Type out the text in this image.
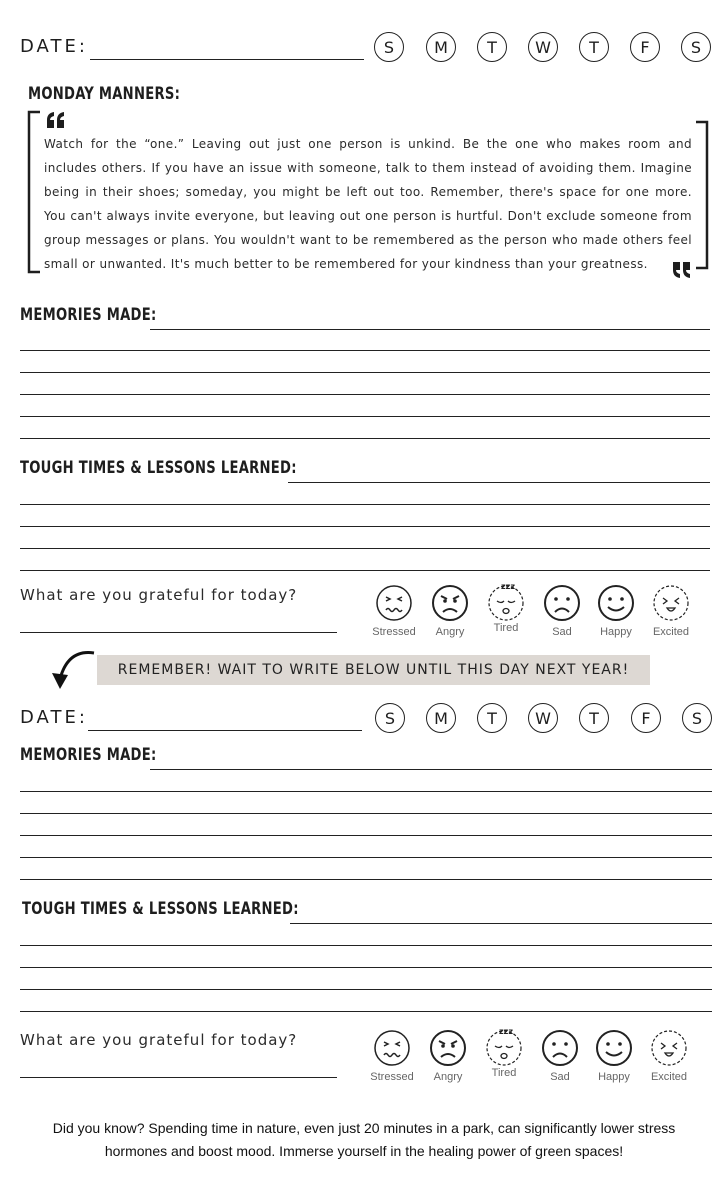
DATE:	S	M	T	W	T	F	S
MONDAY MANNERS:
Watch for the “one.” Leaving out just one person is unkind. Be the one who makes room and includes others. If you have an issue with someone, talk to them instead of avoiding them. Imagine being in their shoes; someday, you might be left out too. Remember, there's space for one more. You can't always invite everyone, but leaving out one person is hurtful. Don't exclude someone from group messages or plans. You wouldn't want to be remembered as the person who made others feel small or unwanted. It's much better to be remembered for your kindness than your greatness.
MEMORIES MADE:
TOUGH TIMES & LESSONS LEARNED:
What are you grateful for today?
Stressed	Angry
zzz
Tired	Sad	Happy	Excited
REMEMBER! WAIT TO WRITE BELOW UNTIL THIS DAY NEXT YEAR!
DATE:	S	M	T	W	T	F	S
MEMORIES MADE:
TOUGH TIMES & LESSONS LEARNED:
What are you grateful for today?
Stressed	Angry
zzz
Tired	Sad	Happy	Excited
Did you know? Spending time in nature, even just 20 minutes in a park, can significantly lower stress
hormones and boost mood. Immerse yourself in the healing power of green spaces!
